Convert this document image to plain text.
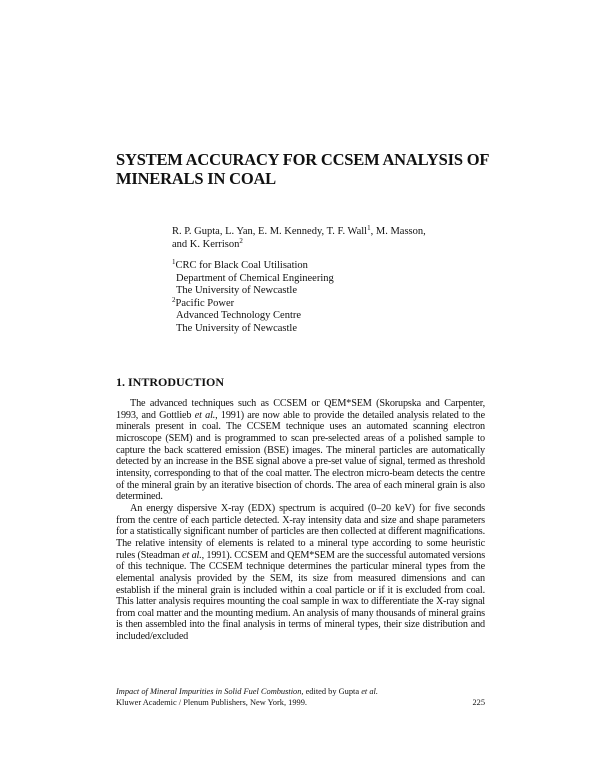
SYSTEM ACCURACY FOR CCSEM ANALYSIS OF MINERALS IN COAL
R. P. Gupta, L. Yan, E. M. Kennedy, T. F. Wall$^1$, M. Masson,
and K. Kerrison$^2$
$^1$CRC for Black Coal Utilisation
Department of Chemical Engineering
The University of Newcastle
$^2$Pacific Power
Advanced Technology Centre
The University of Newcastle
1. INTRODUCTION

The advanced techniques such as CCSEM or QEM*SEM (Skorupska and Carpenter, 1993, and Gottlieb et al., 1991) are now able to provide the detailed analysis related to the minerals present in coal. The CCSEM technique uses an automated scanning electron microscope (SEM) and is programmed to scan pre-selected areas of a polished sample to capture the back scattered emission (BSE) images. The mineral particles are automatically detected by an increase in the BSE signal above a pre-set value of signal, termed as threshold intensity, corresponding to that of the coal matter. The electron micro-beam detects the centre of the mineral grain by an iterative bisection of chords. The area of each mineral grain is also determined.

An energy dispersive X-ray (EDX) spectrum is acquired (0–20 keV) for five seconds from the centre of each particle detected. X-ray intensity data and size and shape parameters for a statistically significant number of particles are then collected at different magnifications. The relative intensity of elements is related to a mineral type according to some heuristic rules (Steadman et al., 1991). CCSEM and QEM*SEM are the successful automated versions of this technique. The CCSEM technique determines the particular mineral types from the elemental analysis provided by the SEM, its size from measured dimensions and can establish if the mineral grain is included within a coal particle or if it is excluded from coal. This latter analysis requires mounting the coal sample in wax to differentiate the X-ray signal from coal matter and the mounting medium. An analysis of many thousands of mineral grains is then assembled into the final analysis in terms of mineral types, their size distribution and included/excluded

Impact of Mineral Impurities in Solid Fuel Combustion, edited by Gupta et al.
Kluwer Academic / Plenum Publishers, New York, 1999.	225
